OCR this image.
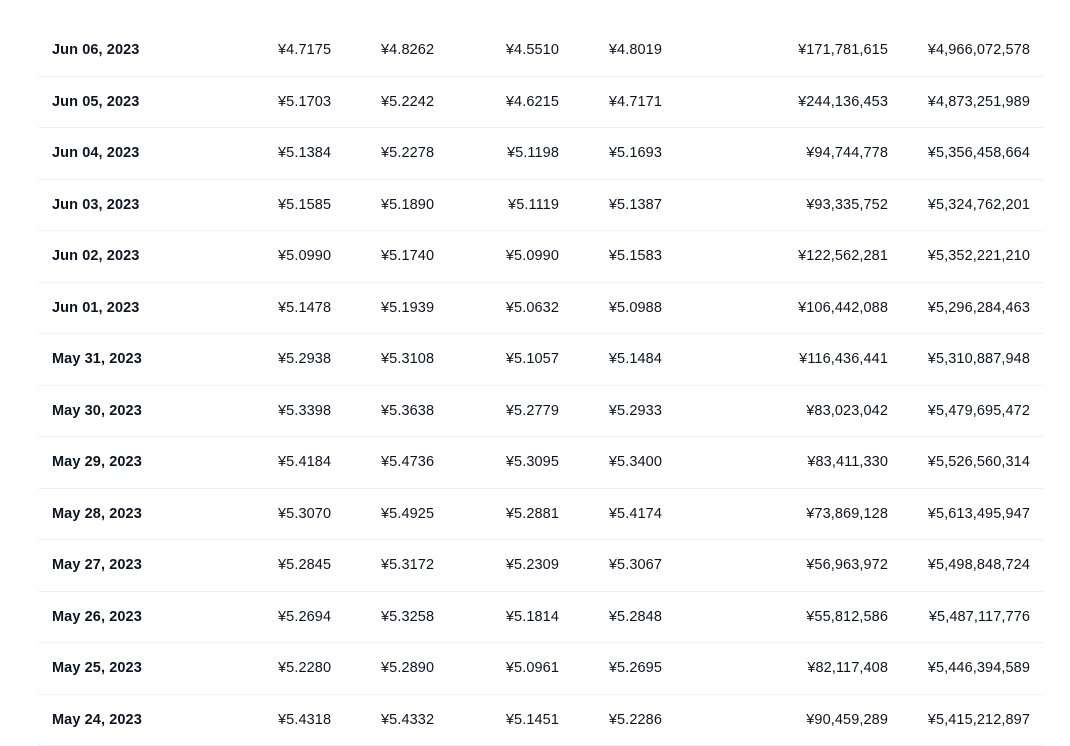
Jun 06, 2023	¥4.7175	¥4.8262	¥4.5510	¥4.8019	¥171,781,615	¥4,966,072,578
Jun 05, 2023	¥5.1703	¥5.2242	¥4.6215	¥4.7171	¥244,136,453	¥4,873,251,989
Jun 04, 2023	¥5.1384	¥5.2278	¥5.1198	¥5.1693	¥94,744,778	¥5,356,458,664
Jun 03, 2023	¥5.1585	¥5.1890	¥5.1119	¥5.1387	¥93,335,752	¥5,324,762,201
Jun 02, 2023	¥5.0990	¥5.1740	¥5.0990	¥5.1583	¥122,562,281	¥5,352,221,210
Jun 01, 2023	¥5.1478	¥5.1939	¥5.0632	¥5.0988	¥106,442,088	¥5,296,284,463
May 31, 2023	¥5.2938	¥5.3108	¥5.1057	¥5.1484	¥116,436,441	¥5,310,887,948
May 30, 2023	¥5.3398	¥5.3638	¥5.2779	¥5.2933	¥83,023,042	¥5,479,695,472
May 29, 2023	¥5.4184	¥5.4736	¥5.3095	¥5.3400	¥83,411,330	¥5,526,560,314
May 28, 2023	¥5.3070	¥5.4925	¥5.2881	¥5.4174	¥73,869,128	¥5,613,495,947
May 27, 2023	¥5.2845	¥5.3172	¥5.2309	¥5.3067	¥56,963,972	¥5,498,848,724
May 26, 2023	¥5.2694	¥5.3258	¥5.1814	¥5.2848	¥55,812,586	¥5,487,117,776
May 25, 2023	¥5.2280	¥5.2890	¥5.0961	¥5.2695	¥82,117,408	¥5,446,394,589
May 24, 2023	¥5.4318	¥5.4332	¥5.1451	¥5.2286	¥90,459,289	¥5,415,212,897
